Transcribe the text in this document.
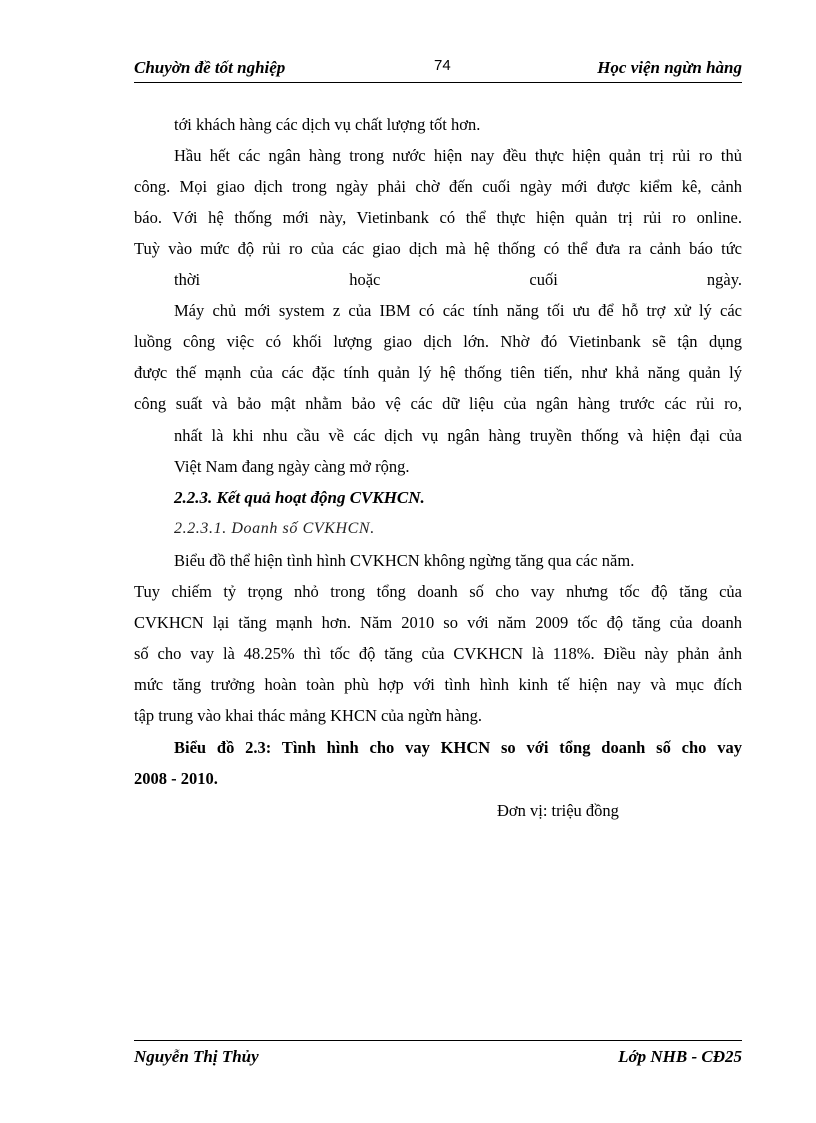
Chuyờn đề tốt nghiệp	74	Học viện ngừn hàng
tới khách hàng các dịch vụ chất lượng tốt hơn.
Hầu hết các ngân hàng trong nước hiện nay đều thực hiện quản trị rủi ro thủ
công. Mọi giao dịch trong ngày phải chờ đến cuối ngày mới được kiểm kê, cảnh
báo. Với hệ thống mới này, Vietinbank có thể thực hiện quản trị rủi ro online.
Tuỳ vào mức độ rủi ro của các giao dịch mà hệ thống có thể đưa ra cảnh báo tức
thời hoặc cuối ngày.
Máy chủ mới system z của IBM có các tính năng tối ưu để hỗ trợ xử lý các
luồng công việc có khối lượng giao dịch lớn. Nhờ đó Vietinbank sẽ tận dụng
được thế mạnh của các đặc tính quản lý hệ thống tiên tiến, như khả năng quản lý
công suất và bảo mật nhằm bảo vệ các dữ liệu của ngân hàng trước các rủi ro,
nhất là khi nhu cầu về các dịch vụ ngân hàng truyền thống và hiện đại của
Việt Nam đang ngày càng mở rộng.
2.2.3. Kết quả hoạt động CVKHCN.
2.2.3.1. Doanh số CVKHCN.
Biểu đồ thể hiện tình hình CVKHCN không ngừng tăng qua các năm.
Tuy chiếm tỷ trọng nhỏ trong tổng doanh số cho vay nhưng tốc độ tăng của
CVKHCN lại tăng mạnh hơn. Năm 2010 so với năm 2009 tốc độ tăng của doanh
số cho vay là 48.25% thì tốc độ tăng của CVKHCN là 118%. Điều này phản ảnh
mức tăng trưởng hoàn toàn phù hợp với tình hình kinh tế hiện nay và mục đích
tập trung vào khai thác mảng KHCN của ngừn hàng.
Biểu đồ 2.3: Tình hình cho vay KHCN so với tổng doanh số cho vay
2008 - 2010.
Đơn vị: triệu đồng
Nguyễn Thị Thủy	Lớp NHB - CĐ25
